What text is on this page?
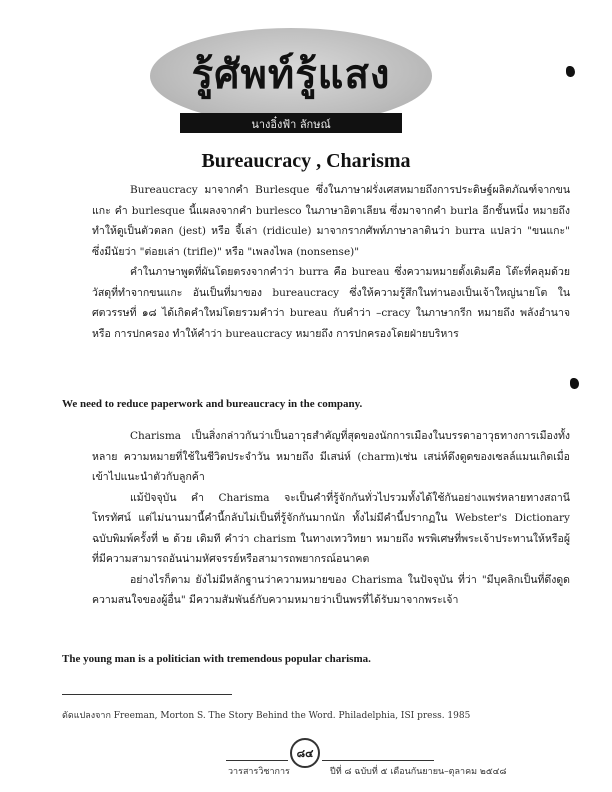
รู้ศัพท์รู้แสง
นางอิ๋งฟ้า ลักษณ์
Bureaucracy , Charisma

Bureaucracy มาจากคำ Burlesque ซึ่งในภาษาฝรั่งเศสหมายถึงการประดิษฐ์ผลิตภัณฑ์จากขนแกะ คำ burlesque นี้แผลงจากคำ burlesco ในภาษาอิตาเลียน ซึ่งมาจากคำ burla อีกชั้นหนึ่ง หมายถึง ทำให้ดูเป็นตัวตลก (jest) หรือ จี้เล่า (ridicule) มาจากรากศัพท์ภาษาลาตินว่า burra แปลว่า "ขนแกะ" ซึ่งมีนัยว่า "ต่อยเล่า (trifle)" หรือ "เพลงไพล (nonsense)"

คำในภาษาพูดที่ผันโดยตรงจากคำว่า burra คือ bureau ซึ่งความหมายดั้งเดิมคือ โต๊ะที่คลุมด้วยวัสดุที่ทำจากขนแกะ อันเป็นที่มาของ bureaucracy ซึ่งให้ความรู้สึกในท่านองเป็นเจ้าใหญ่นายโต ในศตวรรษที่ ๑๘ ได้เกิดคำใหม่โดยรวมคำว่า bureau กับคำว่า –cracy ในภาษากรีก หมายถึง พลังอำนาจ หรือ การปกครอง ทำให้คำว่า bureaucracy หมายถึง การปกครองโดยฝ่ายบริหาร

We need to reduce paperwork and bureaucracy in the company.

Charisma เป็นสิ่งกล่าวกันว่าเป็นอาวุธสำคัญที่สุดของนักการเมืองในบรรดาอาวุธทางการเมืองทั้งหลาย ความหมายที่ใช้ในชีวิตประจำวัน หมายถึง มีเสน่ห์ (charm)เช่น เสน่ห์ดึงดูดของเซลล์แมนเกิดเมื่อเข้าไปแนะนำตัวกับลูกค้า

แม้ปัจจุบัน คำ Charisma จะเป็นคำที่รู้จักกันทั่วไปรวมทั้งได้ใช้กันอย่างแพร่หลายทางสถานีโทรทัศน์ แต่ไม่นานมานี้คำนี้กลับไม่เป็นที่รู้จักกันมากนัก ทั้งไม่มีคำนี้ปรากฏใน Webster's Dictionary ฉบับพิมพ์ครั้งที่ ๒ ด้วย เดิมที คำว่า charism ในทางเทววิทยา หมายถึง พรพิเศษที่พระเจ้าประทานให้หรือผู้ที่มีความสามารถอันน่ามหัศจรรย์หรือสามารถพยากรณ์อนาคต

อย่างไรก็ตาม ยังไม่มีหลักฐานว่าความหมายของ Charisma ในปัจจุบัน ที่ว่า "มีบุคลิกเป็นที่ดึงดูดความสนใจของผู้อื่น" มีความสัมพันธ์กับความหมายว่าเป็นพรที่ได้รับมาจากพระเจ้า

The young man is a politician with tremendous popular charisma.
ดัดแปลงจาก Freeman, Morton S. The Story Behind the Word. Philadelphia, ISI press. 1985
๘๔
วารสารวิชาการ	ปีที่ ๘ ฉบับที่ ๕ เดือนกันยายน–ตุลาคม ๒๕๔๘
